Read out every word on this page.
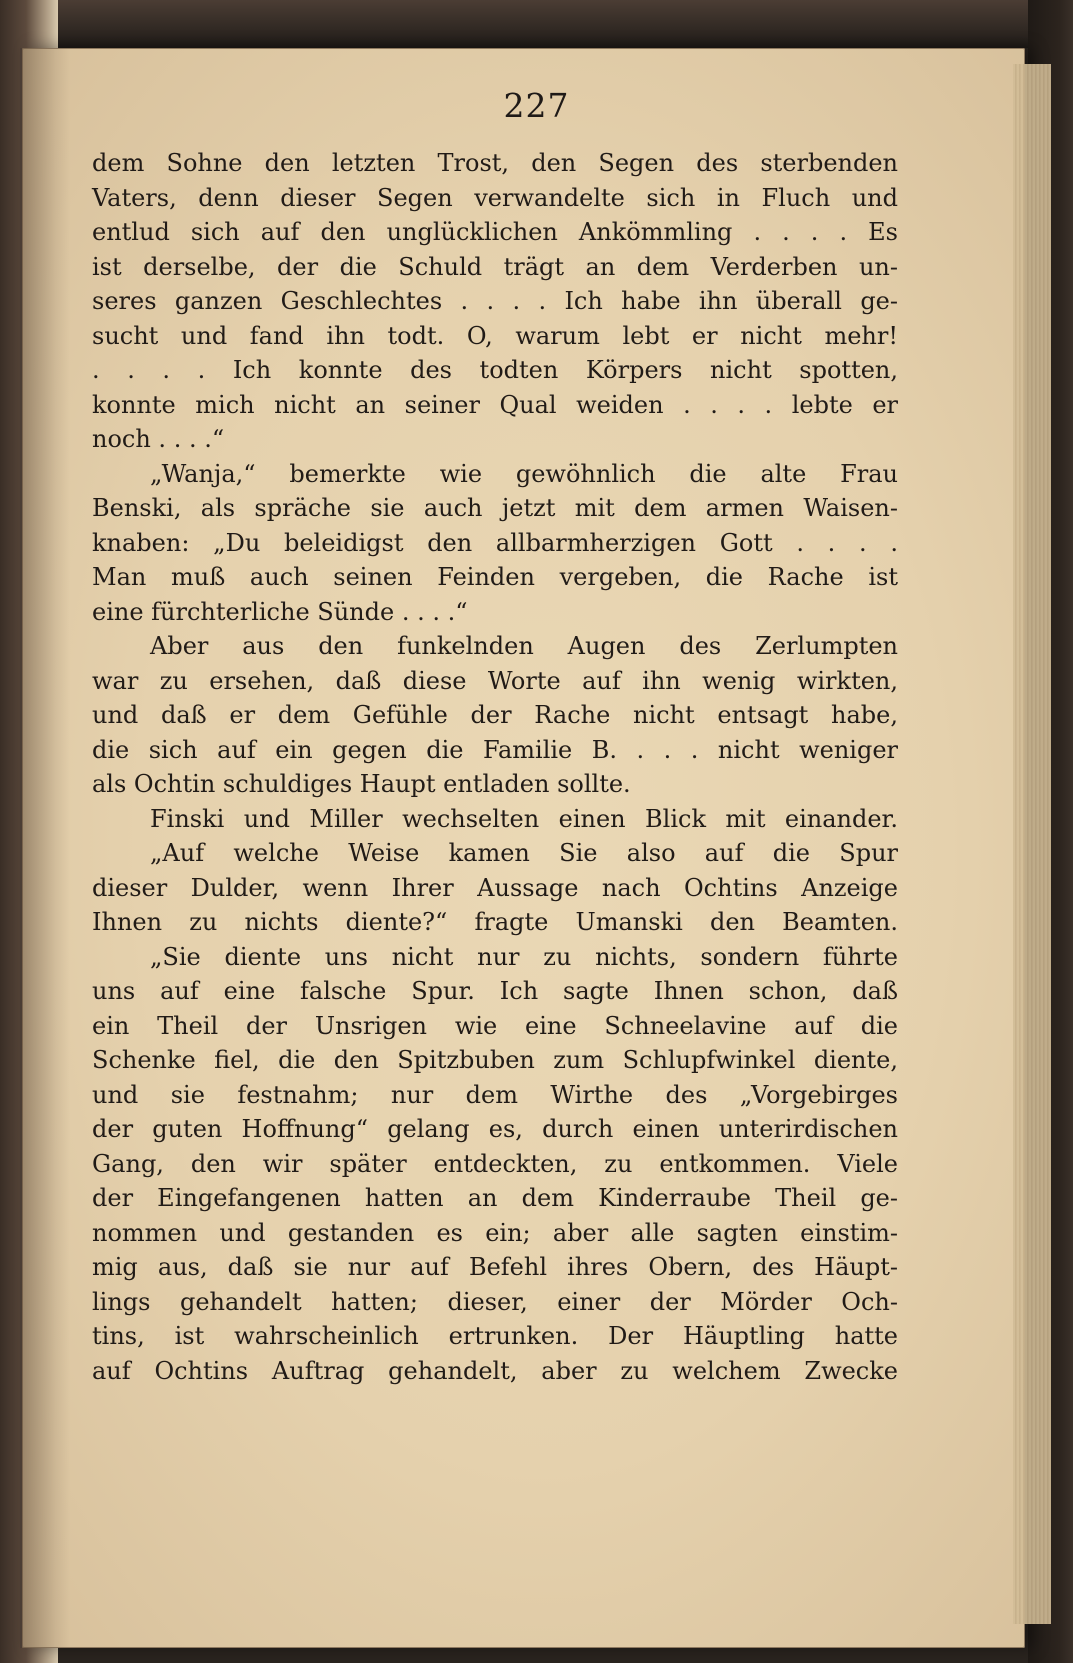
227
dem Sohne den letzten Trost, den Segen des sterbenden
Vaters, denn dieser Segen verwandelte sich in Fluch und
entlud sich auf den unglücklichen Ankömmling . . . . Es
ist derselbe, der die Schuld trägt an dem Verderben un-
seres ganzen Geschlechtes . . . . Ich habe ihn überall ge-
sucht und fand ihn todt. O, warum lebt er nicht mehr!
. . . . Ich konnte des todten Körpers nicht spotten,
konnte mich nicht an seiner Qual weiden . . . . lebte er
noch . . . .“
„Wanja,“ bemerkte wie gewöhnlich die alte Frau
Benski, als spräche sie auch jetzt mit dem armen Waisen-
knaben: „Du beleidigst den allbarmherzigen Gott . . . .
Man muß auch seinen Feinden vergeben, die Rache ist
eine fürchterliche Sünde . . . .“
Aber aus den funkelnden Augen des Zerlumpten
war zu ersehen, daß diese Worte auf ihn wenig wirkten,
und daß er dem Gefühle der Rache nicht entsagt habe,
die sich auf ein gegen die Familie B. . . . nicht weniger
als Ochtin schuldiges Haupt entladen sollte.
Finski und Miller wechselten einen Blick mit einander.
„Auf welche Weise kamen Sie also auf die Spur
dieser Dulder, wenn Ihrer Aussage nach Ochtins Anzeige
Ihnen zu nichts diente?“ fragte Umanski den Beamten.
„Sie diente uns nicht nur zu nichts, sondern führte
uns auf eine falsche Spur. Ich sagte Ihnen schon, daß
ein Theil der Unsrigen wie eine Schneelavine auf die
Schenke fiel, die den Spitzbuben zum Schlupfwinkel diente,
und sie festnahm; nur dem Wirthe des „Vorgebirges
der guten Hoffnung“ gelang es, durch einen unterirdischen
Gang, den wir später entdeckten, zu entkommen. Viele
der Eingefangenen hatten an dem Kinderraube Theil ge-
nommen und gestanden es ein; aber alle sagten einstim-
mig aus, daß sie nur auf Befehl ihres Obern, des Häupt-
lings gehandelt hatten; dieser, einer der Mörder Och-
tins, ist wahrscheinlich ertrunken. Der Häuptling hatte
auf Ochtins Auftrag gehandelt, aber zu welchem Zwecke
